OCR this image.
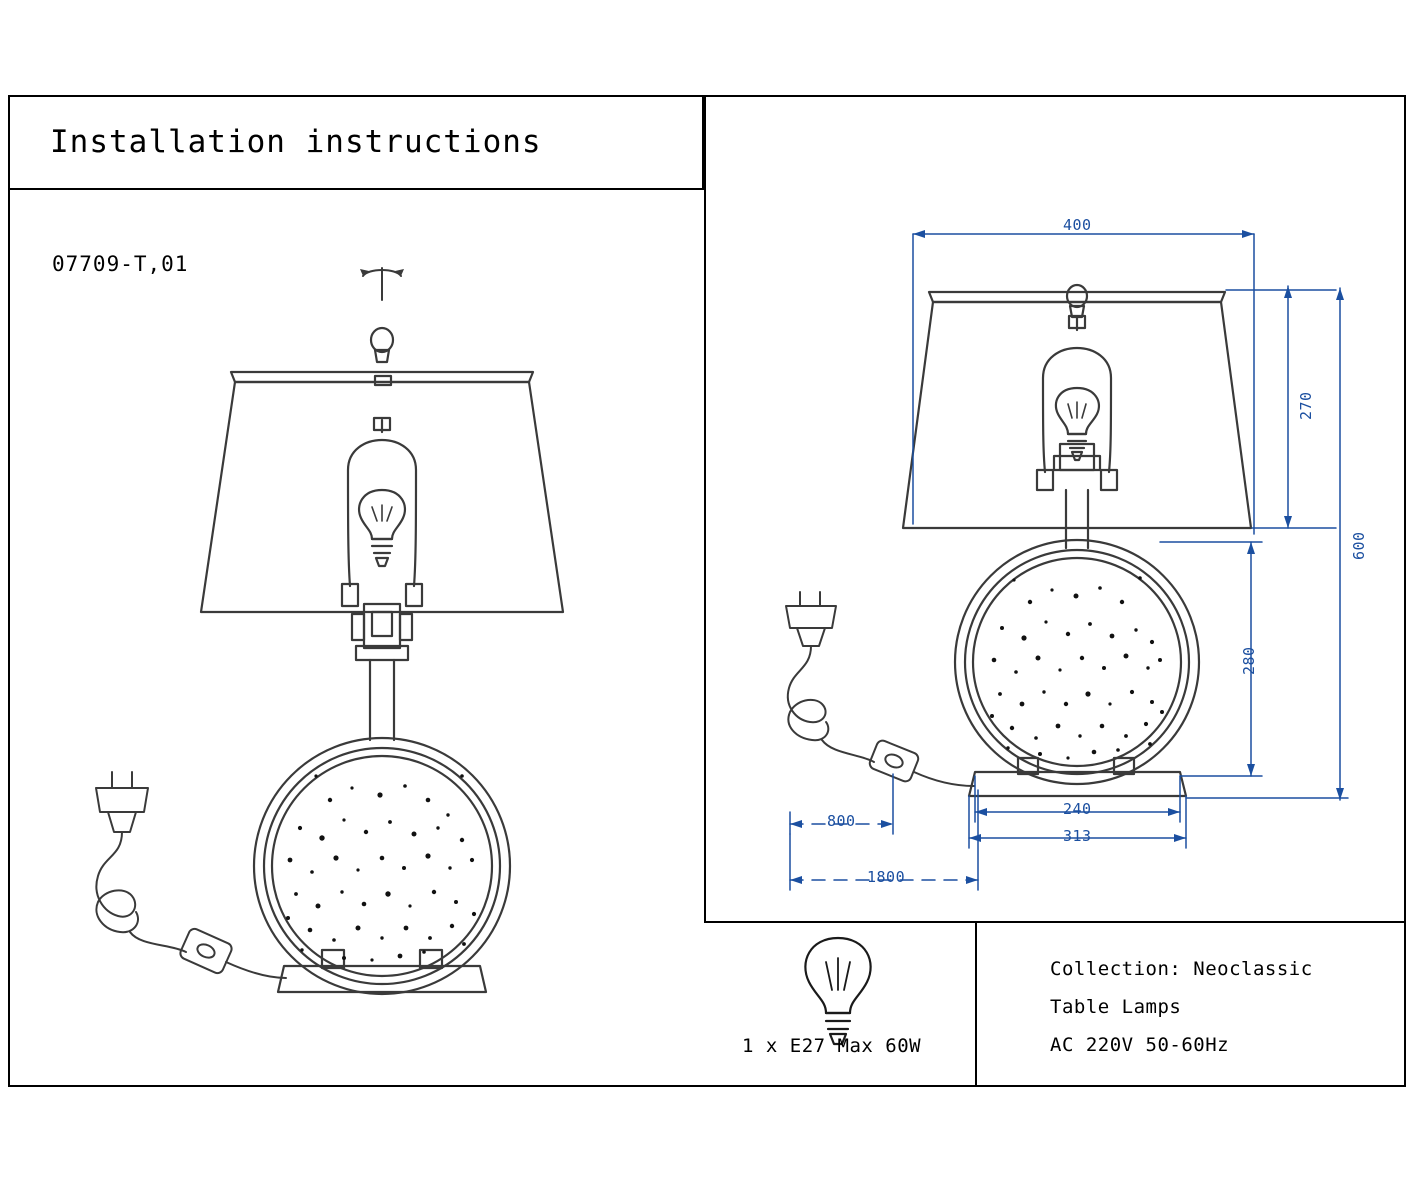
Installation instructions
07709-T,01
400
270
600
280
240
313
800
1800
1 x E27 Max 60W
Collection: Neoclassic
Table Lamps
AC 220V 50-60Hz
